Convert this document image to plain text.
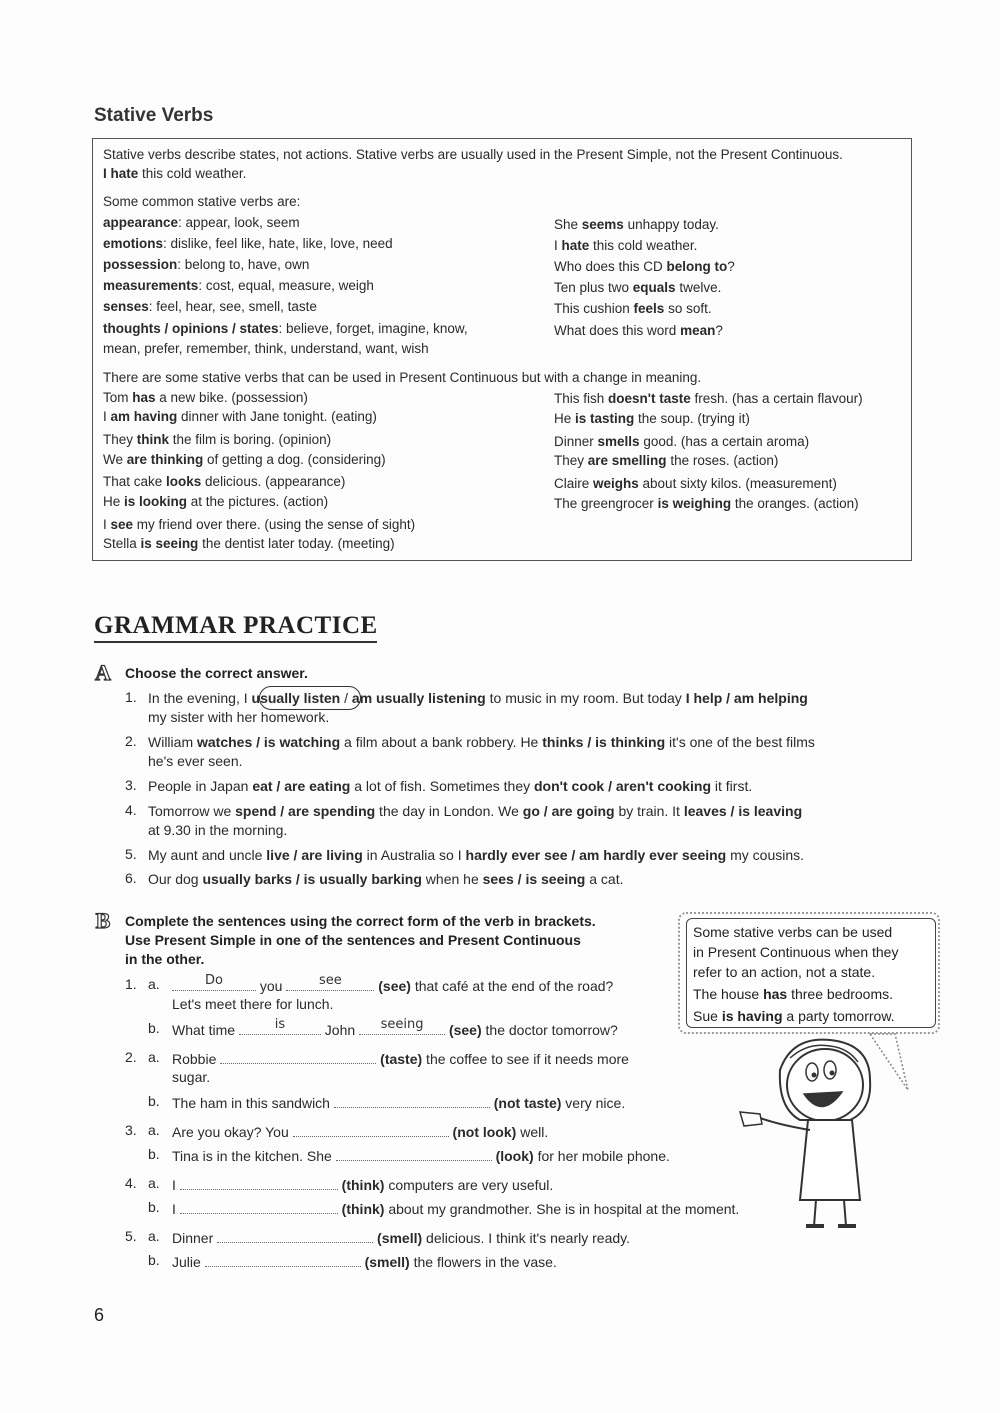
Stative Verbs
Stative verbs describe states, not actions. Stative verbs are usually used in the Present Simple, not the Present Continuous.
I hate this cold weather.
Some common stative verbs are:
appearance: appear, look, seem	She seems unhappy today.
emotions: dislike, feel like, hate, like, love, need	I hate this cold weather.
possession: belong to, have, own	Who does this CD belong to?
measurements: cost, equal, measure, weigh	Ten plus two equals twelve.
senses: feel, hear, see, smell, taste	This cushion feels so soft.
thoughts / opinions / states: believe, forget, imagine, know,	What does this word mean?
mean, prefer, remember, think, understand, want, wish
There are some stative verbs that can be used in Present Continuous but with a change in meaning.
Tom has a new bike. (possession)	This fish doesn't taste fresh. (has a certain flavour)
I am having dinner with Jane tonight. (eating)	He is tasting the soup. (trying it)
They think the film is boring. (opinion)	Dinner smells good. (has a certain aroma)
We are thinking of getting a dog. (considering)	They are smelling the roses. (action)
That cake looks delicious. (appearance)	Claire weighs about sixty kilos. (measurement)
He is looking at the pictures. (action)	The greengrocer is weighing the oranges. (action)
I see my friend over there. (using the sense of sight)
Stella is seeing the dentist later today. (meeting)
GRAMMAR PRACTICE
A Choose the correct answer.
1. In the evening, I usually listen / am usually listening to music in my room. But today I help / am helping
my sister with her homework.
2. William watches / is watching a film about a bank robbery. He thinks / is thinking it's one of the best films
he's ever seen.
3. People in Japan eat / are eating a lot of fish. Sometimes they don't cook / aren't cooking it first.
4. Tomorrow we spend / are spending the day in London. We go / are going by train. It leaves / is leaving
at 9.30 in the morning.
5. My aunt and uncle live / are living in Australia so I hardly ever see / am hardly ever seeing my cousins.
6. Our dog usually barks / is usually barking when he sees / is seeing a cat.
B Complete the sentences using the correct form of the verb in brackets.
Use Present Simple in one of the sentences and Present Continuous
in the other.
1. a.	Do	you	see	(see) that café at the end of the road?
Let's meet there for lunch.
b. What time	is	John	seeing	(see) the doctor tomorrow?
2. a. Robbie	(taste) the coffee to see if it needs more
sugar.
b. The ham in this sandwich	(not taste) very nice.
3. a. Are you okay? You	(not look) well.
b. Tina is in the kitchen. She	(look) for her mobile phone.
4. a. I	(think) computers are very useful.
b. I	(think) about my grandmother. She is in hospital at the moment.
5. a. Dinner	(smell) delicious. I think it's nearly ready.
b. Julie	(smell) the flowers in the vase.
Some stative verbs can be used
in Present Continuous when they
refer to an action, not a state.
The house has three bedrooms.
Sue is having a party tomorrow.
6
